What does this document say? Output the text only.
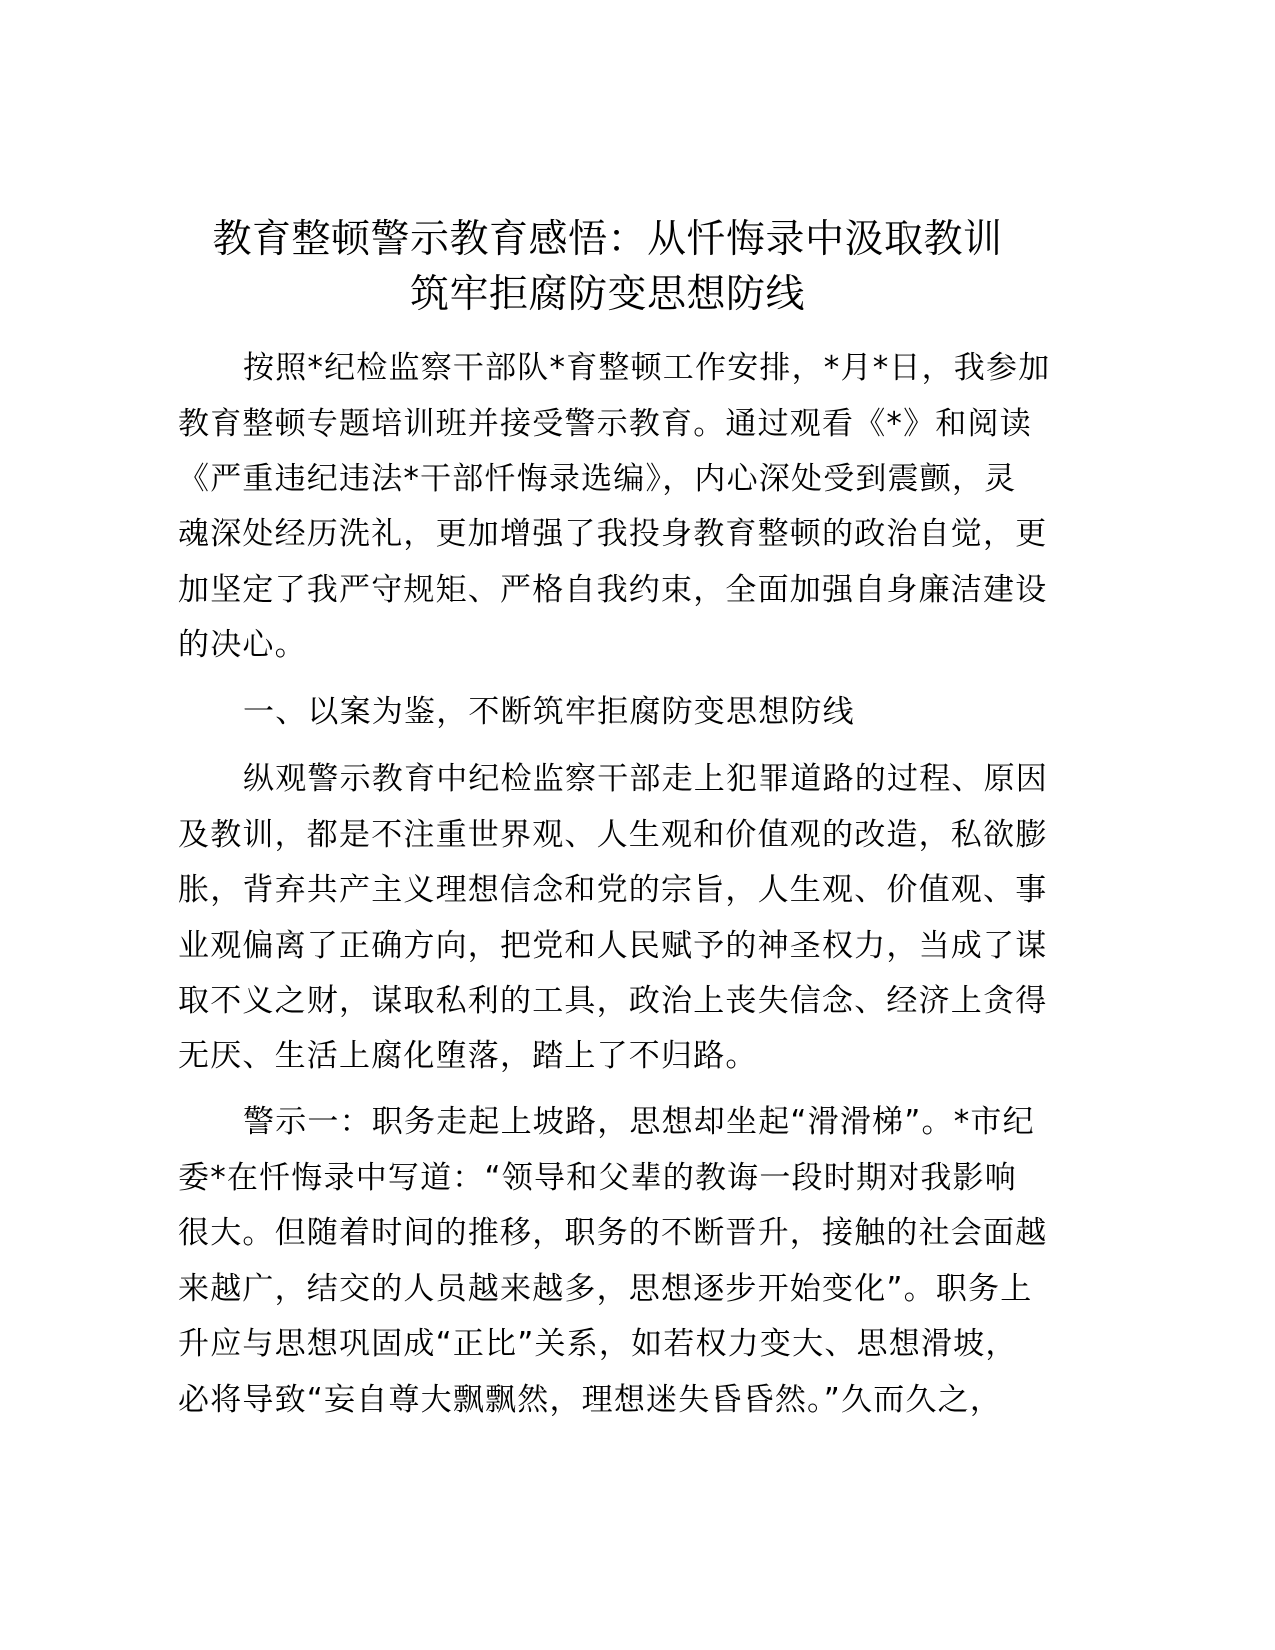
教育整顿警示教育感悟：从忏悔录中汲取教训
筑牢拒腐防变思想防线
按照*纪检监察干部队*育整顿工作安排，*月*日，我参加
教育整顿专题培训班并接受警示教育。通过观看《*》和阅读
《严重违纪违法*干部忏悔录选编》，内心深处受到震颤，灵
魂深处经历洗礼，更加增强了我投身教育整顿的政治自觉，更
加坚定了我严守规矩、严格自我约束，全面加强自身廉洁建设
的决心。
一、以案为鉴，不断筑牢拒腐防变思想防线
纵观警示教育中纪检监察干部走上犯罪道路的过程、原因
及教训，都是不注重世界观、人生观和价值观的改造，私欲膨
胀，背弃共产主义理想信念和党的宗旨，人生观、价值观、事
业观偏离了正确方向，把党和人民赋予的神圣权力，当成了谋
取不义之财，谋取私利的工具，政治上丧失信念、经济上贪得
无厌、生活上腐化堕落，踏上了不归路。
警示一：职务走起上坡路，思想却坐起“滑滑梯”。*市纪
委*在忏悔录中写道：“领导和父辈的教诲一段时期对我影响
很大。但随着时间的推移，职务的不断晋升，接触的社会面越
来越广，结交的人员越来越多，思想逐步开始变化”。职务上
升应与思想巩固成“正比”关系，如若权力变大、思想滑坡，
必将导致“妄自尊大飘飘然，理想迷失昏昏然。”久而久之，
